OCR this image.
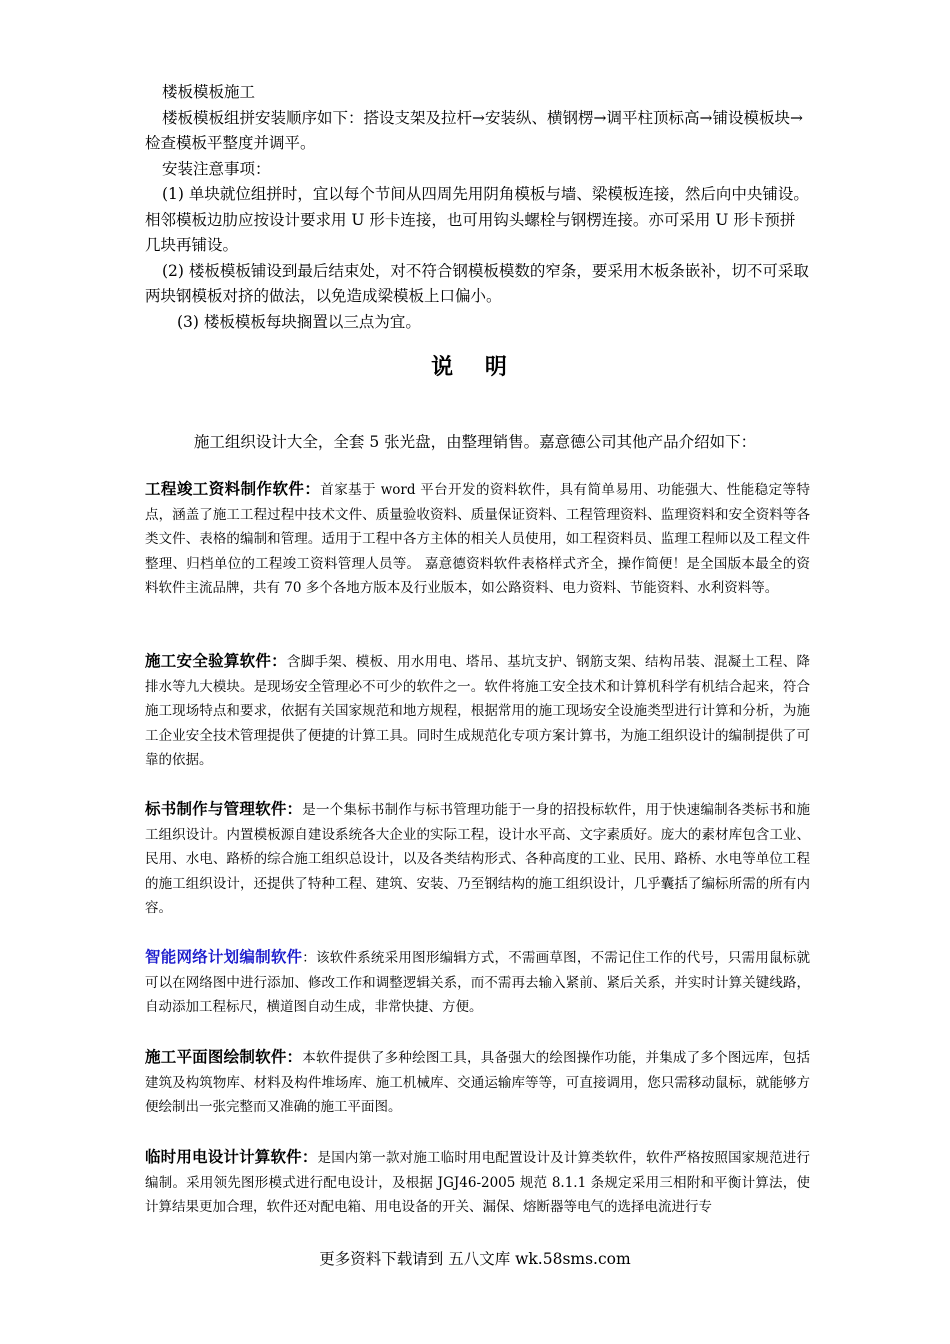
楼板模板施工

楼板模板组拼安装顺序如下：搭设支架及拉杆→安装纵、横钢楞→调平柱顶标高→铺设模板块→检查模板平整度并调平。

安装注意事项：

(1) 单块就位组拼时，宜以每个节间从四周先用阴角模板与墙、梁模板连接，然后向中央铺设。相邻模板边肋应按设计要求用 U 形卡连接，也可用钩头螺栓与钢楞连接。亦可采用 U 形卡预拼几块再铺设。

(2) 楼板模板铺设到最后结束处，对不符合钢模板模数的窄条，要采用木板条嵌补，切不可采取两块钢模板对挤的做法，以免造成梁模板上口偏小。

(3) 楼板模板每块搁置以三点为宜。

说 明
施工组织设计大全，全套 5 张光盘，由整理销售。嘉意德公司其他产品介绍如下：
工程竣工资料制作软件：首家基于 word 平台开发的资料软件，具有简单易用、功能强大、性能稳定等特点，涵盖了施工工程过程中技术文件、质量验收资料、质量保证资料、工程管理资料、监理资料和安全资料等各类文件、表格的编制和管理。适用于工程中各方主体的相关人员使用，如工程资料员、监理工程师以及工程文件整理、归档单位的工程竣工资料管理人员等。 嘉意德资料软件表格样式齐全，操作简便！是全国版本最全的资料软件主流品牌，共有 70 多个各地方版本及行业版本，如公路资料、电力资料、节能资料、水利资料等。
施工安全验算软件：含脚手架、模板、用水用电、塔吊、基坑支护、钢筋支架、结构吊装、混凝土工程、降排水等九大模块。是现场安全管理必不可少的软件之一。软件将施工安全技术和计算机科学有机结合起来，符合施工现场特点和要求，依据有关国家规范和地方规程，根据常用的施工现场安全设施类型进行计算和分析，为施工企业安全技术管理提供了便捷的计算工具。同时生成规范化专项方案计算书，为施工组织设计的编制提供了可靠的依据。
标书制作与管理软件：是一个集标书制作与标书管理功能于一身的招投标软件，用于快速编制各类标书和施工组织设计。内置模板源自建设系统各大企业的实际工程，设计水平高、文字素质好。庞大的素材库包含工业、民用、水电、路桥的综合施工组织总设计，以及各类结构形式、各种高度的工业、民用、路桥、水电等单位工程的施工组织设计，还提供了特种工程、建筑、安装、乃至钢结构的施工组织设计，几乎囊括了编标所需的所有内容。
智能网络计划编制软件：该软件系统采用图形编辑方式，不需画草图，不需记住工作的代号，只需用鼠标就可以在网络图中进行添加、修改工作和调整逻辑关系，而不需再去输入紧前、紧后关系，并实时计算关键线路，自动添加工程标尺，横道图自动生成，非常快捷、方便。
施工平面图绘制软件：本软件提供了多种绘图工具，具备强大的绘图操作功能，并集成了多个图远库，包括建筑及构筑物库、材料及构件堆场库、施工机械库、交通运输库等等，可直接调用，您只需移动鼠标，就能够方便绘制出一张完整而又准确的施工平面图。
临时用电设计计算软件：是国内第一款对施工临时用电配置设计及计算类软件，软件严格按照国家规范进行编制。采用领先图形模式进行配电设计，及根据 JGJ46-2005 规范 8.1.1 条规定采用三相附和平衡计算法，使计算结果更加合理，软件还对配电箱、用电设备的开关、漏保、熔断器等电气的选择电流进行专
更多资料下载请到 五八文库 wk.58sms.com
